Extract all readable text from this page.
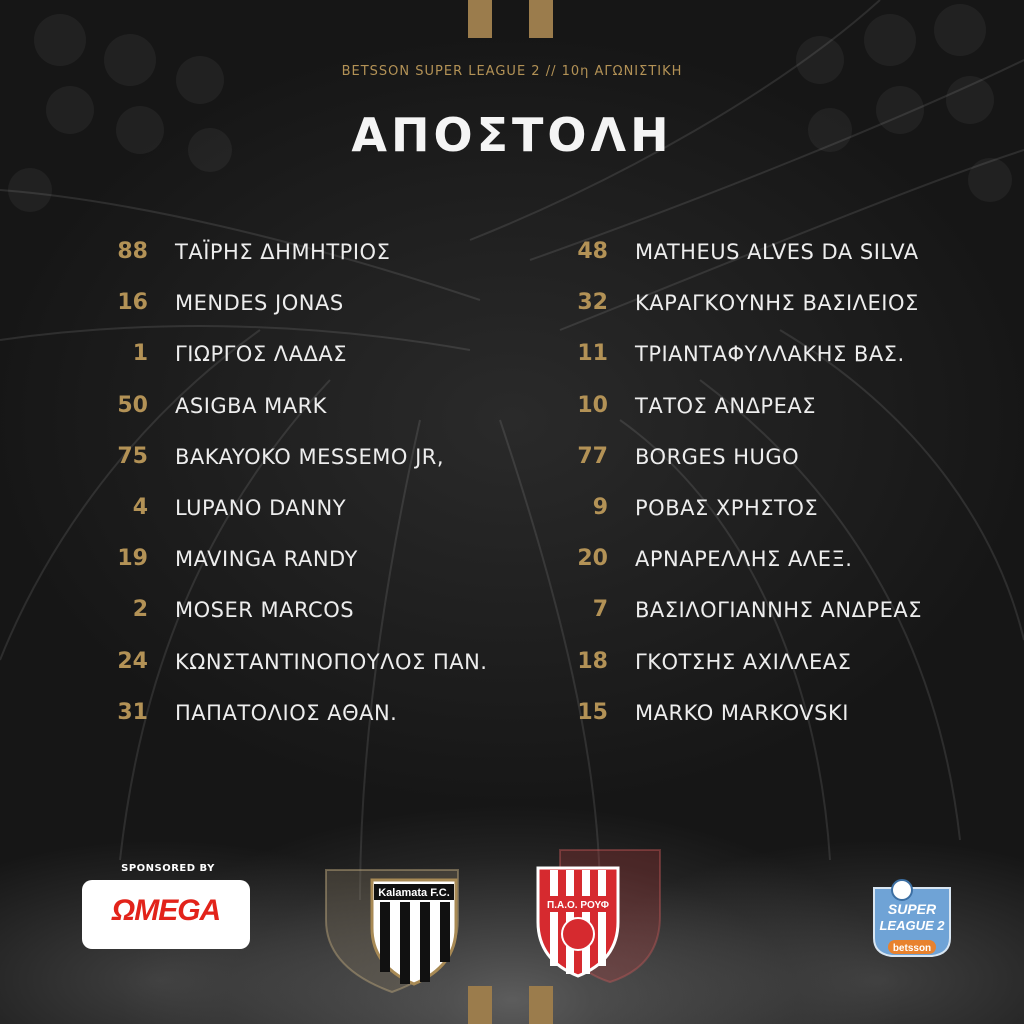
BETSSON SUPER LEAGUE 2 // 10η ΑΓΩΝΙΣΤΙΚΗ
ΑΠΟΣΤΟΛΗ
88 ΤΑΪΡΗΣ ΔΗΜΗΤΡΙΟΣ
16 MENDES JONAS
1 ΓΙΩΡΓΟΣ ΛΑΔΑΣ
50 ASIGBA MARK
75 BAKAYOKO MESSEMO JR,
4 LUPANO DANNY
19 MAVINGA RANDY
2 MOSER MARCOS
24 ΚΩΝΣΤΑΝΤΙΝΟΠΟΥΛΟΣ ΠΑΝ.
31 ΠΑΠΑΤΟΛΙΟΣ ΑΘΑΝ.
48 MATHEUS ALVES DA SILVA
32 ΚΑΡΑΓΚΟΥΝΗΣ ΒΑΣΙΛΕΙΟΣ
11 ΤΡΙΑΝΤΑΦΥΛΛΑΚΗΣ ΒΑΣ.
10 ΤΑΤΟΣ ΑΝΔΡΕΑΣ
77 BORGES HUGO
9 ΡΟΒΑΣ ΧΡΗΣΤΟΣ
20 ΑΡΝΑΡΕΛΛΗΣ ΑΛΕΞ.
7 ΒΑΣΙΛΟΓΙΑΝΝΗΣ ΑΝΔΡΕΑΣ
18 ΓΚΟΤΣΗΣ ΑΧΙΛΛΕΑΣ
15 MARKO MARKOVSKI
SPONSORED BY
ΩMEGA
Kalamata F.C.
Π.Α.Ο. ΡΟΥΦ	SUPER
LEAGUE 2
betsson
